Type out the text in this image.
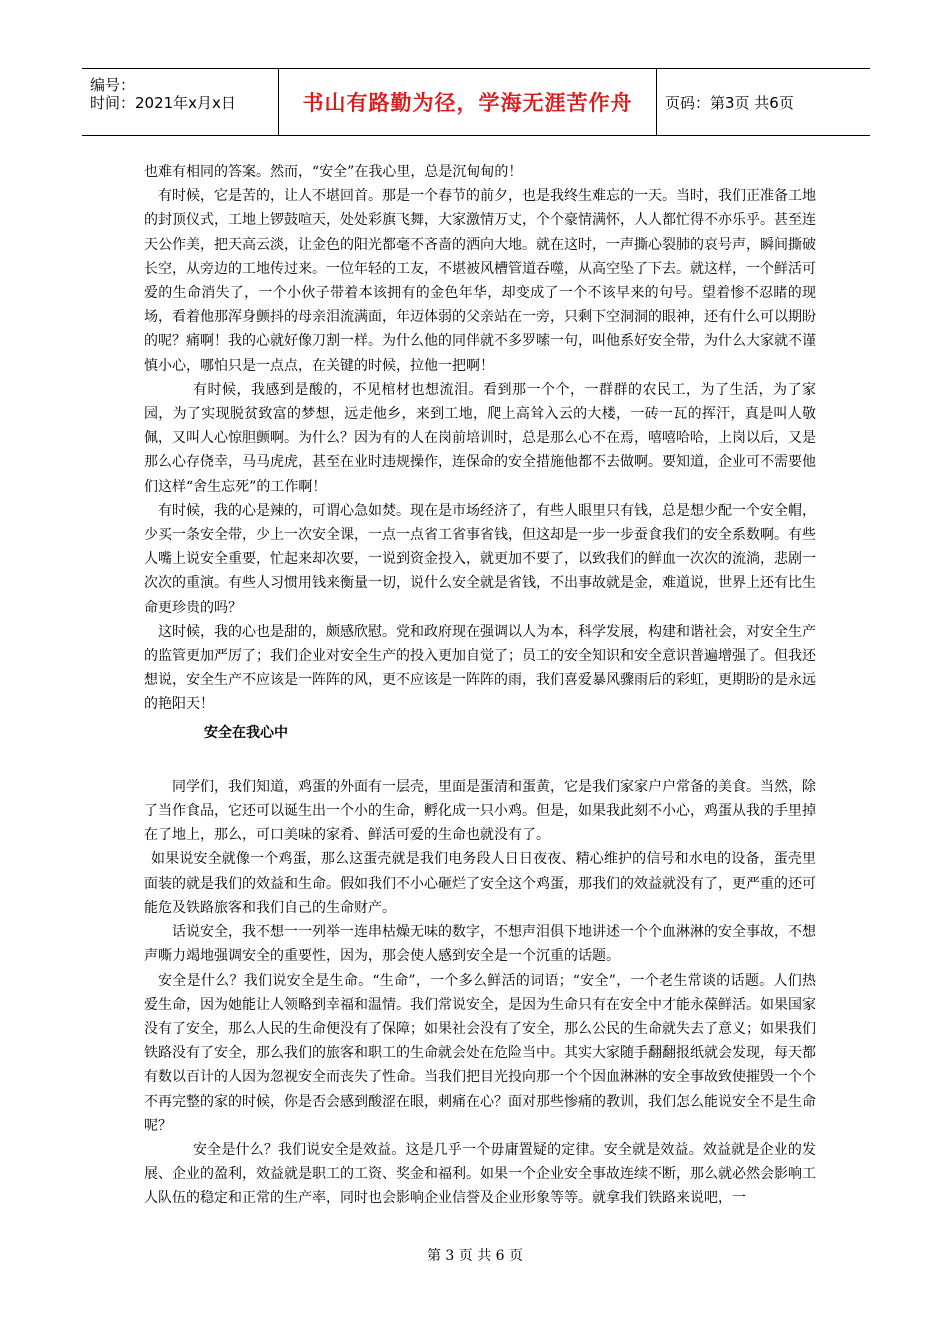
编号：
时间：2021年x月x日	书山有路勤为径，学海无涯苦作舟	页码：第3页 共6页

也难有相同的答案。然而，“安全”在我心里，总是沉甸甸的！

有时候，它是苦的，让人不堪回首。那是一个春节的前夕，也是我终生难忘的一天。当时，我们正准备工地的封顶仪式，工地上锣鼓喧天，处处彩旗飞舞，大家激情万丈，个个豪情满怀，人人都忙得不亦乐乎。甚至连天公作美，把天高云淡，让金色的阳光都毫不吝啬的洒向大地。就在这时，一声撕心裂肺的哀号声，瞬间撕破长空，从旁边的工地传过来。一位年轻的工友，不堪被风槽管道吞噬，从高空坠了下去。就这样，一个鲜活可爱的生命消失了，一个小伙子带着本该拥有的金色年华，却变成了一个不该早来的句号。望着惨不忍睹的现场，看着他那浑身颤抖的母亲泪流满面，年迈体弱的父亲站在一旁，只剩下空洞洞的眼神，还有什么可以期盼的呢？痛啊！我的心就好像刀割一样。为什么他的同伴就不多罗嗦一句，叫他系好安全带，为什么大家就不谨慎小心，哪怕只是一点点，在关键的时候，拉他一把啊！

有时候，我感到是酸的，不见棺材也想流泪。看到那一个个，一群群的农民工，为了生活，为了家园，为了实现脱贫致富的梦想，远走他乡，来到工地，爬上高耸入云的大楼，一砖一瓦的挥汗，真是叫人敬佩，又叫人心惊胆颤啊。为什么？因为有的人在岗前培训时，总是那么心不在焉，嘻嘻哈哈，上岗以后，又是那么心存侥幸，马马虎虎，甚至在业时违规操作，连保命的安全措施他都不去做啊。要知道，企业可不需要他们这样“舍生忘死”的工作啊！

有时候，我的心是辣的，可谓心急如焚。现在是市场经济了，有些人眼里只有钱，总是想少配一个安全帽，少买一条安全带，少上一次安全课，一点一点省工省事省钱，但这却是一步一步蚕食我们的安全系数啊。有些人嘴上说安全重要，忙起来却次要，一说到资金投入，就更加不要了，以致我们的鲜血一次次的流淌，悲剧一次次的重演。有些人习惯用钱来衡量一切，说什么安全就是省钱，不出事故就是金，难道说，世界上还有比生命更珍贵的吗？

这时候，我的心也是甜的，颇感欣慰。党和政府现在强调以人为本，科学发展，构建和谐社会，对安全生产的监管更加严厉了；我们企业对安全生产的投入更加自觉了；员工的安全知识和安全意识普遍增强了。但我还想说，安全生产不应该是一阵阵的风，更不应该是一阵阵的雨，我们喜爱暴风骤雨后的彩虹，更期盼的是永远的艳阳天！

安全在我心中

同学们，我们知道，鸡蛋的外面有一层壳，里面是蛋清和蛋黄，它是我们家家户户常备的美食。当然，除了当作食品，它还可以诞生出一个小的生命，孵化成一只小鸡。但是，如果我此刻不小心，鸡蛋从我的手里掉在了地上，那么，可口美味的家肴、鲜活可爱的生命也就没有了。

如果说安全就像一个鸡蛋，那么这蛋壳就是我们电务段人日日夜夜、精心维护的信号和水电的设备，蛋壳里面装的就是我们的效益和生命。假如我们不小心砸烂了安全这个鸡蛋，那我们的效益就没有了，更严重的还可能危及铁路旅客和我们自己的生命财产。

话说安全，我不想一一列举一连串枯燥无味的数字，不想声泪俱下地讲述一个个血淋淋的安全事故，不想声嘶力竭地强调安全的重要性，因为，那会使人感到安全是一个沉重的话题。

安全是什么？我们说安全是生命。“生命”，一个多么鲜活的词语；“安全”，一个老生常谈的话题。人们热爱生命，因为她能让人领略到幸福和温情。我们常说安全，是因为生命只有在安全中才能永葆鲜活。如果国家没有了安全，那么人民的生命便没有了保障；如果社会没有了安全，那么公民的生命就失去了意义；如果我们铁路没有了安全，那么我们的旅客和职工的生命就会处在危险当中。其实大家随手翻翻报纸就会发现，每天都有数以百计的人因为忽视安全而丧失了性命。当我们把目光投向那一个个因血淋淋的安全事故致使摧毁一个个不再完整的家的时候，你是否会感到酸涩在眼，刺痛在心？面对那些惨痛的教训，我们怎么能说安全不是生命呢？

安全是什么？我们说安全是效益。这是几乎一个毋庸置疑的定律。安全就是效益。效益就是企业的发展、企业的盈利，效益就是职工的工资、奖金和福利。如果一个企业安全事故连续不断，那么就必然会影响工人队伍的稳定和正常的生产率，同时也会影响企业信誉及企业形象等等。就拿我们铁路来说吧，一

第 3 页 共 6 页
